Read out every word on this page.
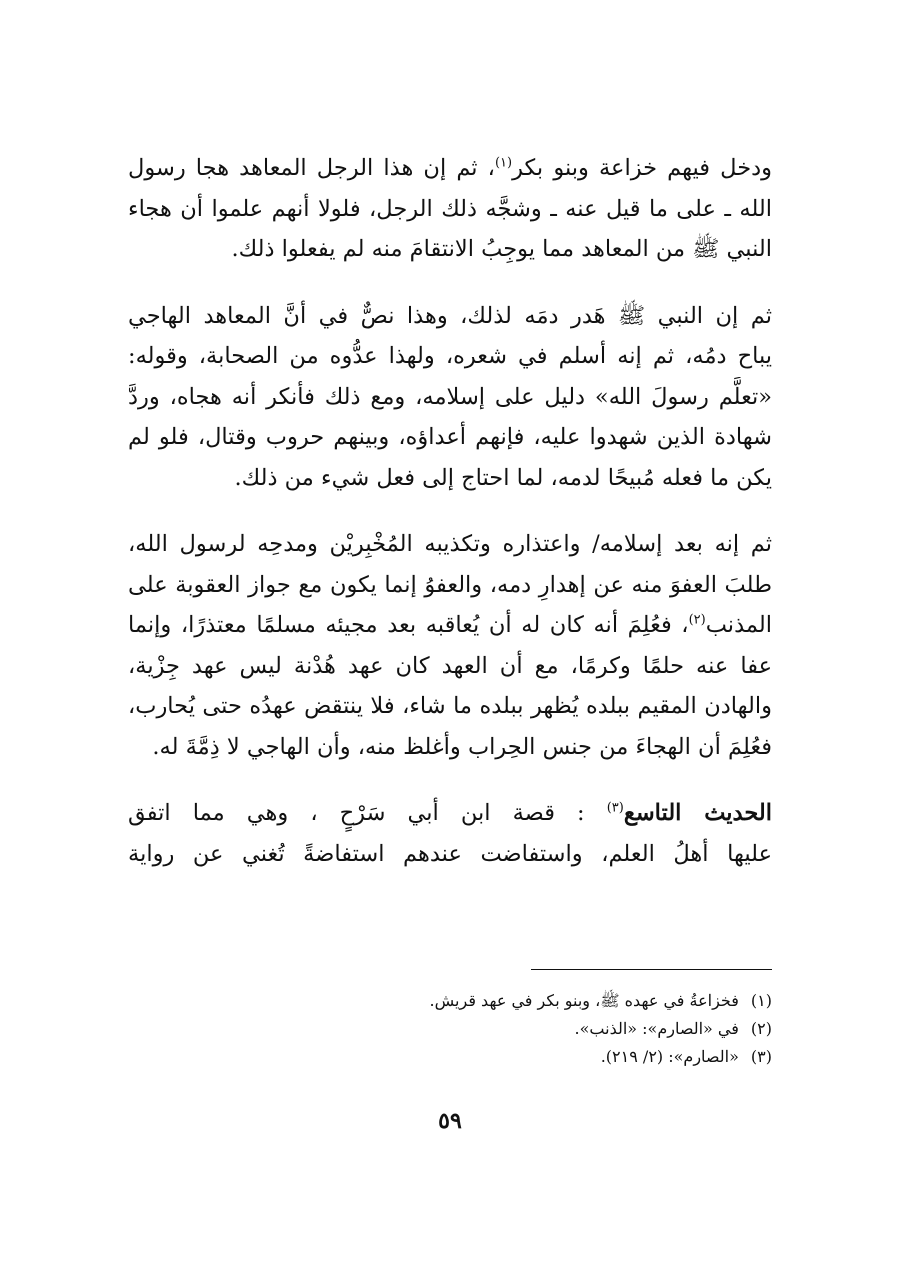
ودخل فيهم خزاعة وبنو بكر$^{(١)}$، ثم إن هذا الرجل المعاهد هجا رسول
الله ـ على ما قيل عنه ـ وشجَّه ذلك الرجل، فلولا أنهم علموا أن هجاء
النبي ﷺ من المعاهد مما يوجِبُ الانتقامَ منه لم يفعلوا ذلك.
ثم إن النبي ﷺ هَدر دمَه لذلك، وهذا نصٌّ في أنَّ المعاهد الهاجي
يباح دمُه، ثم إنه أسلم في شعره، ولهذا عدُّوه من الصحابة، وقوله:
«تعلَّم رسولَ الله» دليل على إسلامه، ومع ذلك فأنكر أنه هجاه، وردَّ
شهادة الذين شهدوا عليه، فإنهم أعداؤه، وبينهم حروب وقتال، فلو لم
يكن ما فعله مُبيحًا لدمه، لما احتاج إلى فعل شيء من ذلك.
ثم إنه بعد إسلامه/ واعتذاره وتكذيبه المُخْبِريْن ومدحِه لرسول الله،
طلبَ العفوَ منه عن إهدارِ دمه، والعفوُ إنما يكون مع جواز العقوبة على
المذنب$^{(٢)}$، فعُلِمَ أنه كان له أن يُعاقبه بعد مجيئه مسلمًا معتذرًا، وإنما
عفا عنه حلمًا وكرمًا، مع أن العهد كان عهد هُدْنة ليس عهد جِزْية،
والهادن المقيم ببلده يُظهر ببلده ما شاء، فلا ينتقض عهدُه حتى يُحارب،
فعُلِمَ أن الهجاءَ من جنس الحِراب وأغلظ منه، وأن الهاجي لا ذِمَّةَ له.
الحديث التاسع$^{(٣)}$ : قصة ابن أبي سَرْحٍ ، وهي مما اتفق
عليها أهلُ العلم، واستفاضت عندهم استفاضةً تُغني عن رواية
(١)فخزاعةُ في عهده ﷺ، وبنو بكر في عهد قريش.
(٢)في «الصارم»: «الذنب».
(٣)«الصارم»: (٢/ ٢١٩).
٥٩
